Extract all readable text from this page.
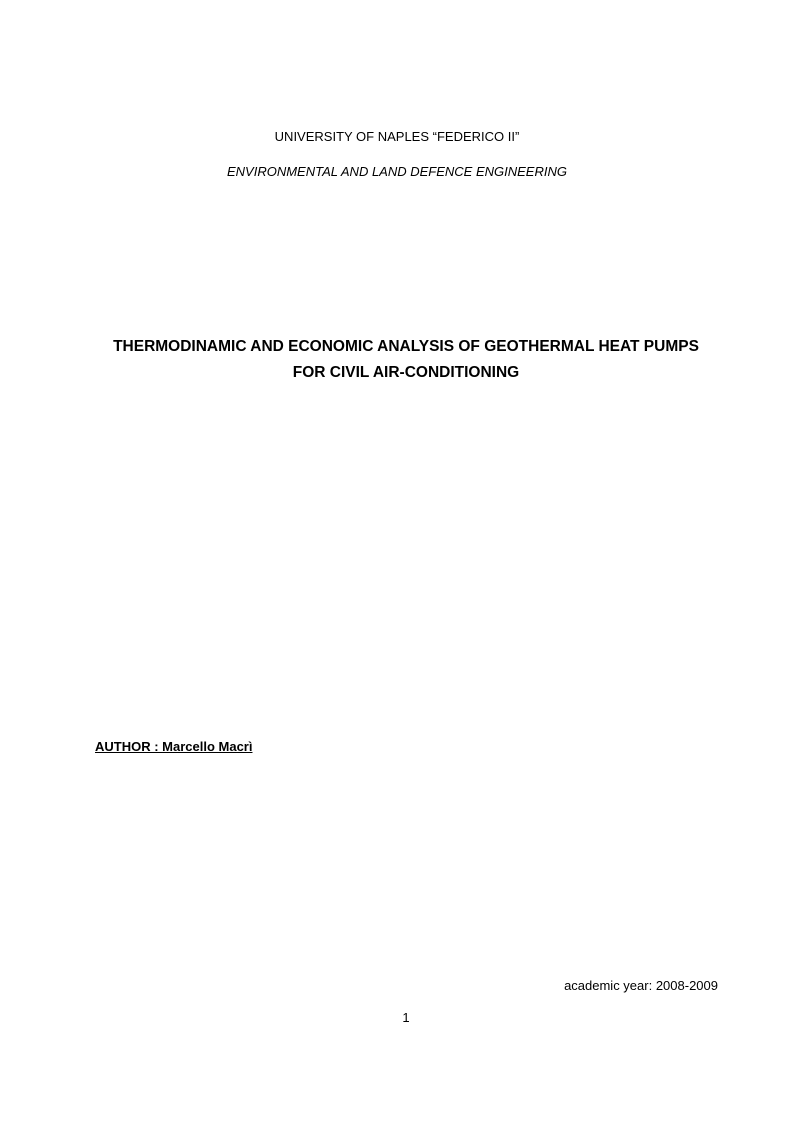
UNIVERSITY OF NAPLES “FEDERICO II”
ENVIRONMENTAL AND LAND DEFENCE ENGINEERING
THERMODINAMIC AND ECONOMIC ANALYSIS OF GEOTHERMAL HEAT PUMPS
FOR CIVIL AIR-CONDITIONING
AUTHOR : Marcello Macrì
academic year: 2008-2009
1
